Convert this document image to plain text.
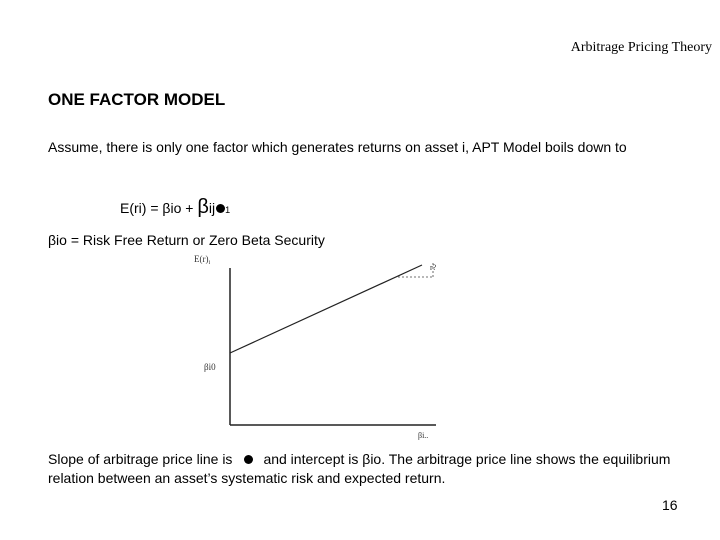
Arbitrage Pricing Theory
ONE FACTOR MODEL
Assume, there is only one factor which generates returns on asset i, APT Model boils down to
E(ri) = βio + βij 1
βio = Risk Free Return or Zero Beta Security
$E(r)_i$	r?
βi0
βi..
Slope of arbitrage price line is and intercept is βio. The arbitrage price line shows the equilibrium relation between an asset’s systematic risk and expected return.
16
